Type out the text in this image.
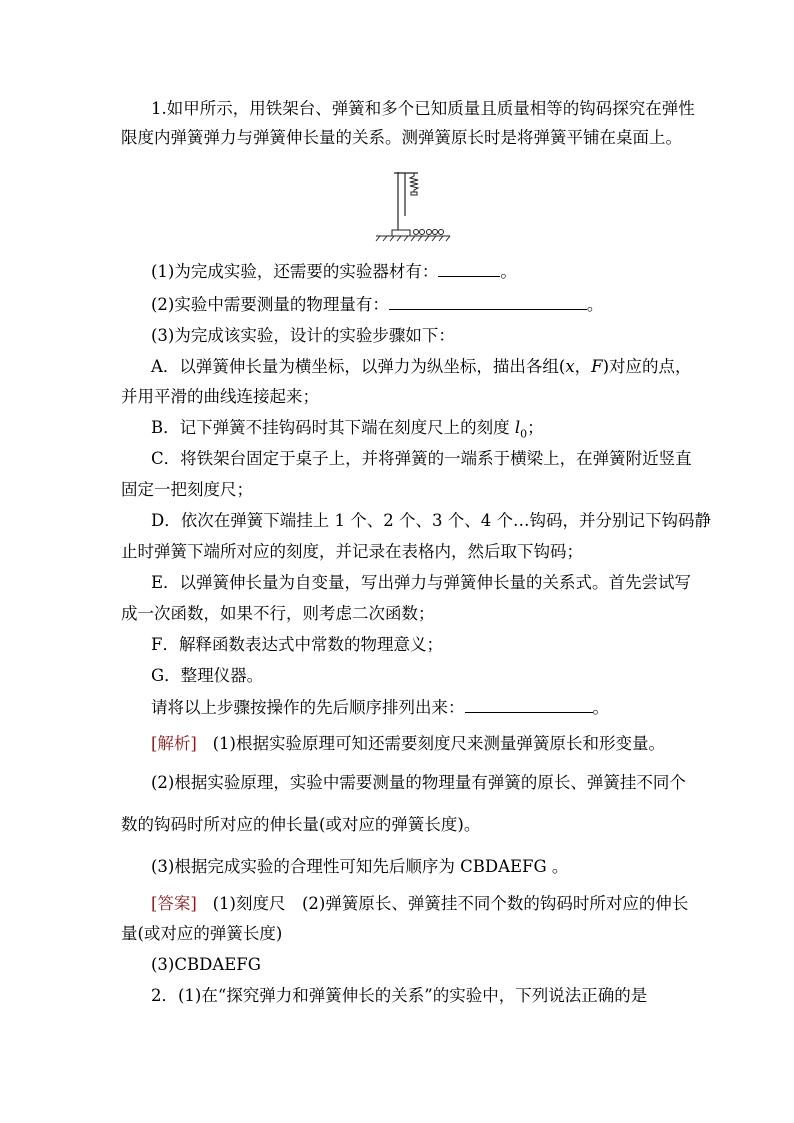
1.如甲所示，用铁架台、弹簧和多个已知质量且质量相等的钩码探究在弹性
限度内弹簧弹力与弹簧伸长量的关系。测弹簧原长时是将弹簧平铺在桌面上。
(1)为完成实验，还需要的实验器材有：	。
(2)实验中需要测量的物理量有：	。
(3)为完成该实验，设计的实验步骤如下：
A．以弹簧伸长量为横坐标，以弹力为纵坐标，描出各组(x，F)对应的点，
并用平滑的曲线连接起来；
B．记下弹簧不挂钩码时其下端在刻度尺上的刻度 $l_0$；
C．将铁架台固定于桌子上，并将弹簧的一端系于横梁上，在弹簧附近竖直
固定一把刻度尺；
D．依次在弹簧下端挂上 1 个、2 个、3 个、4 个…钩码，并分别记下钩码静
止时弹簧下端所对应的刻度，并记录在表格内，然后取下钩码；
E．以弹簧伸长量为自变量，写出弹力与弹簧伸长量的关系式。首先尝试写
成一次函数，如果不行，则考虑二次函数；
F．解释函数表达式中常数的物理意义；
G．整理仪器。
请将以上步骤按操作的先后顺序排列出来：	。
[解析] (1)根据实验原理可知还需要刻度尺来测量弹簧原长和形变量。
(2)根据实验原理，实验中需要测量的物理量有弹簧的原长、弹簧挂不同个
数的钩码时所对应的伸长量(或对应的弹簧长度)。
(3)根据完成实验的合理性可知先后顺序为 CBDAEFG 。
[答案] (1)刻度尺　(2)弹簧原长、弹簧挂不同个数的钩码时所对应的伸长
量(或对应的弹簧长度)
(3)CBDAEFG
2．(1)在“探究弹力和弹簧伸长的关系”的实验中，下列说法正确的是
